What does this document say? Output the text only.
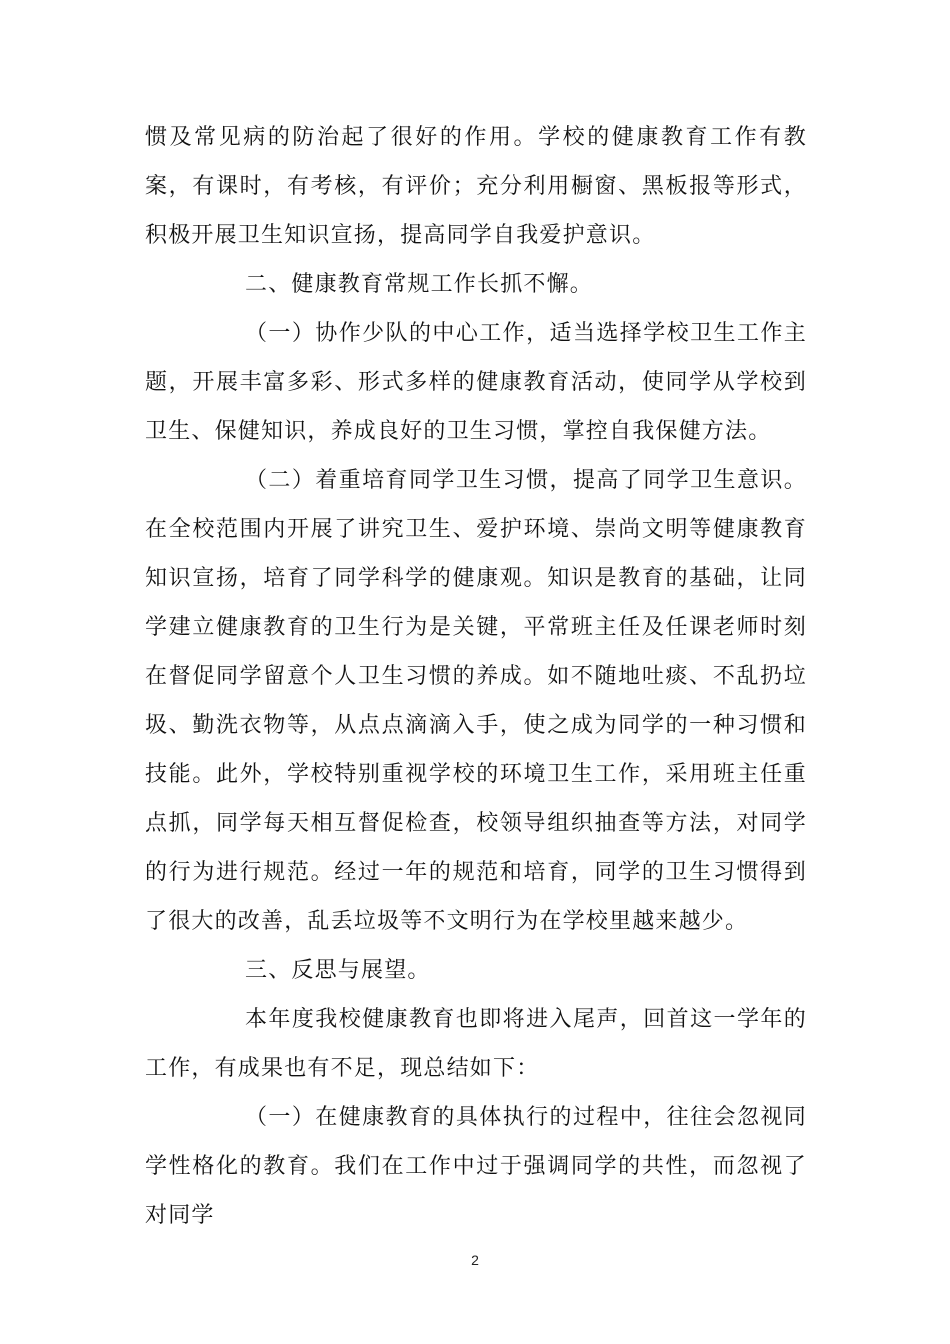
惯及常见病的防治起了很好的作用。学校的健康教育工作有教案，有课时，有考核，有评价；充分利用橱窗、黑板报等形式，积极开展卫生知识宣扬，提高同学自我爱护意识。

二、健康教育常规工作长抓不懈。

（一）协作少队的中心工作，适当选择学校卫生工作主题，开展丰富多彩、形式多样的健康教育活动，使同学从学校到卫生、保健知识，养成良好的卫生习惯，掌控自我保健方法。

（二）着重培育同学卫生习惯，提高了同学卫生意识。在全校范围内开展了讲究卫生、爱护环境、崇尚文明等健康教育知识宣扬，培育了同学科学的健康观。知识是教育的基础，让同学建立健康教育的卫生行为是关键，平常班主任及任课老师时刻在督促同学留意个人卫生习惯的养成。如不随地吐痰、不乱扔垃圾、勤洗衣物等，从点点滴滴入手，使之成为同学的一种习惯和技能。此外，学校特别重视学校的环境卫生工作，采用班主任重点抓，同学每天相互督促检查，校领导组织抽查等方法，对同学的行为进行规范。经过一年的规范和培育，同学的卫生习惯得到了很大的改善，乱丢垃圾等不文明行为在学校里越来越少。

三、反思与展望。

本年度我校健康教育也即将进入尾声，回首这一学年的工作，有成果也有不足，现总结如下：

（一）在健康教育的具体执行的过程中，往往会忽视同学性格化的教育。我们在工作中过于强调同学的共性，而忽视了对同学

2
